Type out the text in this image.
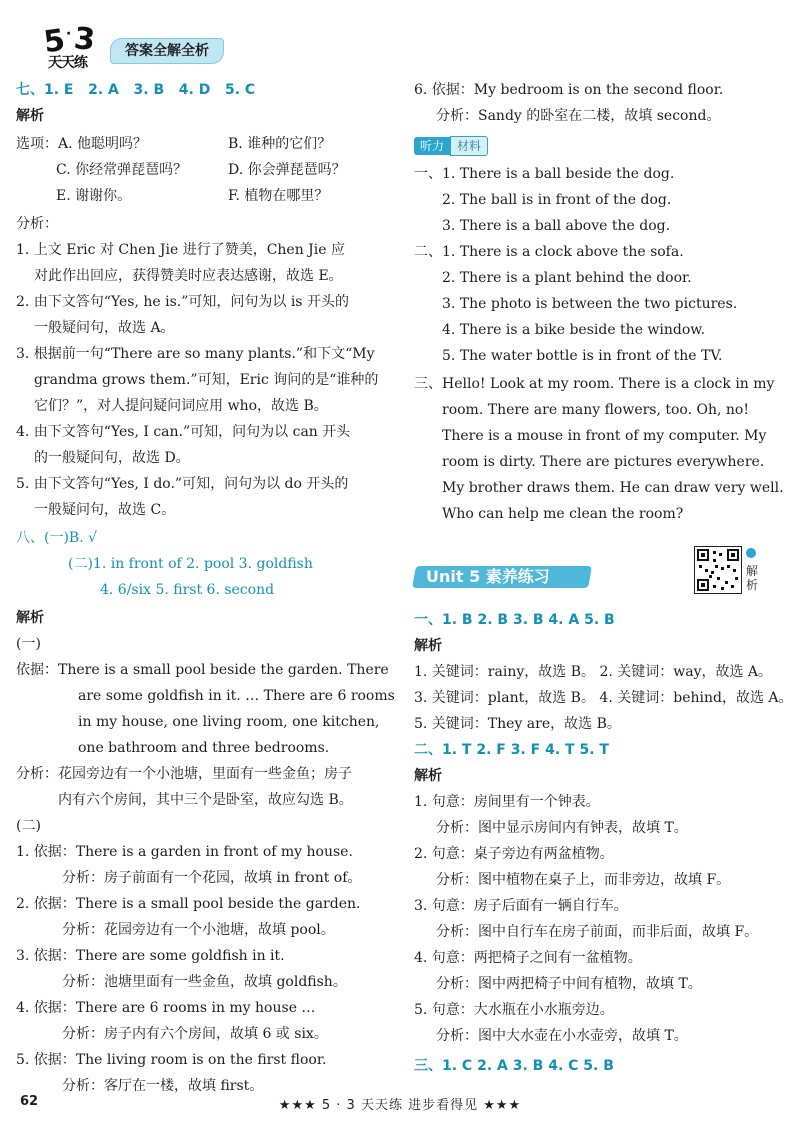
5
· 3
天天练
答案全解全析
七、1. E 2. A 3. B 4. D 5. C
解析
选项：A. 他聪明吗？	B. 谁种的它们？
C. 你经常弹琵琶吗？	D. 你会弹琵琶吗？
E. 谢谢你。	F. 植物在哪里？
分析：
1. 上文 Eric 对 Chen Jie 进行了赞美，Chen Jie 应
对此作出回应，获得赞美时应表达感谢，故选 E。
2. 由下文答句“Yes, he is.”可知，问句为以 is 开头的
一般疑问句，故选 A。
3. 根据前一句“There are so many plants.”和下文“My
grandma grows them.”可知，Eric 询问的是“谁种的
它们？”，对人提问疑问词应用 who，故选 B。
4. 由下文答句“Yes, I can.”可知，问句为以 can 开头
的一般疑问句，故选 D。
5. 由下文答句“Yes, I do.”可知，问句为以 do 开头的
一般疑问句，故选 C。
八、(一)B. √
(二)1. in front of 2. pool 3. goldfish
4. 6/six 5. first 6. second
解析
(一)
依据：There is a small pool beside the garden. There
are some goldfish in it. … There are 6 rooms
in my house, one living room, one kitchen,
one bathroom and three bedrooms.
分析：花园旁边有一个小池塘，里面有一些金鱼；房子
内有六个房间，其中三个是卧室，故应勾选 B。
(二)
1. 依据：There is a garden in front of my house.
分析：房子前面有一个花园，故填 in front of。
2. 依据：There is a small pool beside the garden.
分析：花园旁边有一个小池塘，故填 pool。
3. 依据：There are some goldfish in it.
分析：池塘里面有一些金鱼，故填 goldfish。
4. 依据：There are 6 rooms in my house …
分析：房子内有六个房间，故填 6 或 six。
5. 依据：The living room is on the first floor.
分析：客厅在一楼，故填 first。
6. 依据：My bedroom is on the second floor.
分析：Sandy 的卧室在二楼，故填 second。
听力 材料
一、1. There is a ball beside the dog.
2. The ball is in front of the dog.
3. There is a ball above the dog.
二、1. There is a clock above the sofa.
2. There is a plant behind the door.
3. The photo is between the two pictures.
4. There is a bike beside the window.
5. The water bottle is in front of the TV.
三、Hello! Look at my room. There is a clock in my
room. There are many flowers, too. Oh, no!
There is a mouse in front of my computer. My
room is dirty. There are pictures everywhere.
My brother draws them. He can draw very well.
Who can help me clean the room?
一、1. B 2. B 3. B 4. A 5. B
解析
1. 关键词：rainy，故选 B。 2. 关键词：way，故选 A。
3. 关键词：plant，故选 B。 4. 关键词：behind，故选 A。
5. 关键词：They are，故选 B。
二、1. T 2. F 3. F 4. T 5. T
解析
1. 句意：房间里有一个钟表。
分析：图中显示房间内有钟表，故填 T。
2. 句意：桌子旁边有两盆植物。
分析：图中植物在桌子上，而非旁边，故填 F。
3. 句意：房子后面有一辆自行车。
分析：图中自行车在房子前面，而非后面，故填 F。
4. 句意：两把椅子之间有一盆植物。
分析：图中两把椅子中间有植物，故填 T。
5. 句意：大水瓶在小水瓶旁边。
分析：图中大水壶在小水壶旁，故填 T。
三、1. C 2. A 3. B 4. C 5. B
Unit 5 素养练习	解析
62	★★★ 5 · 3 天天练 进步看得见 ★★★
